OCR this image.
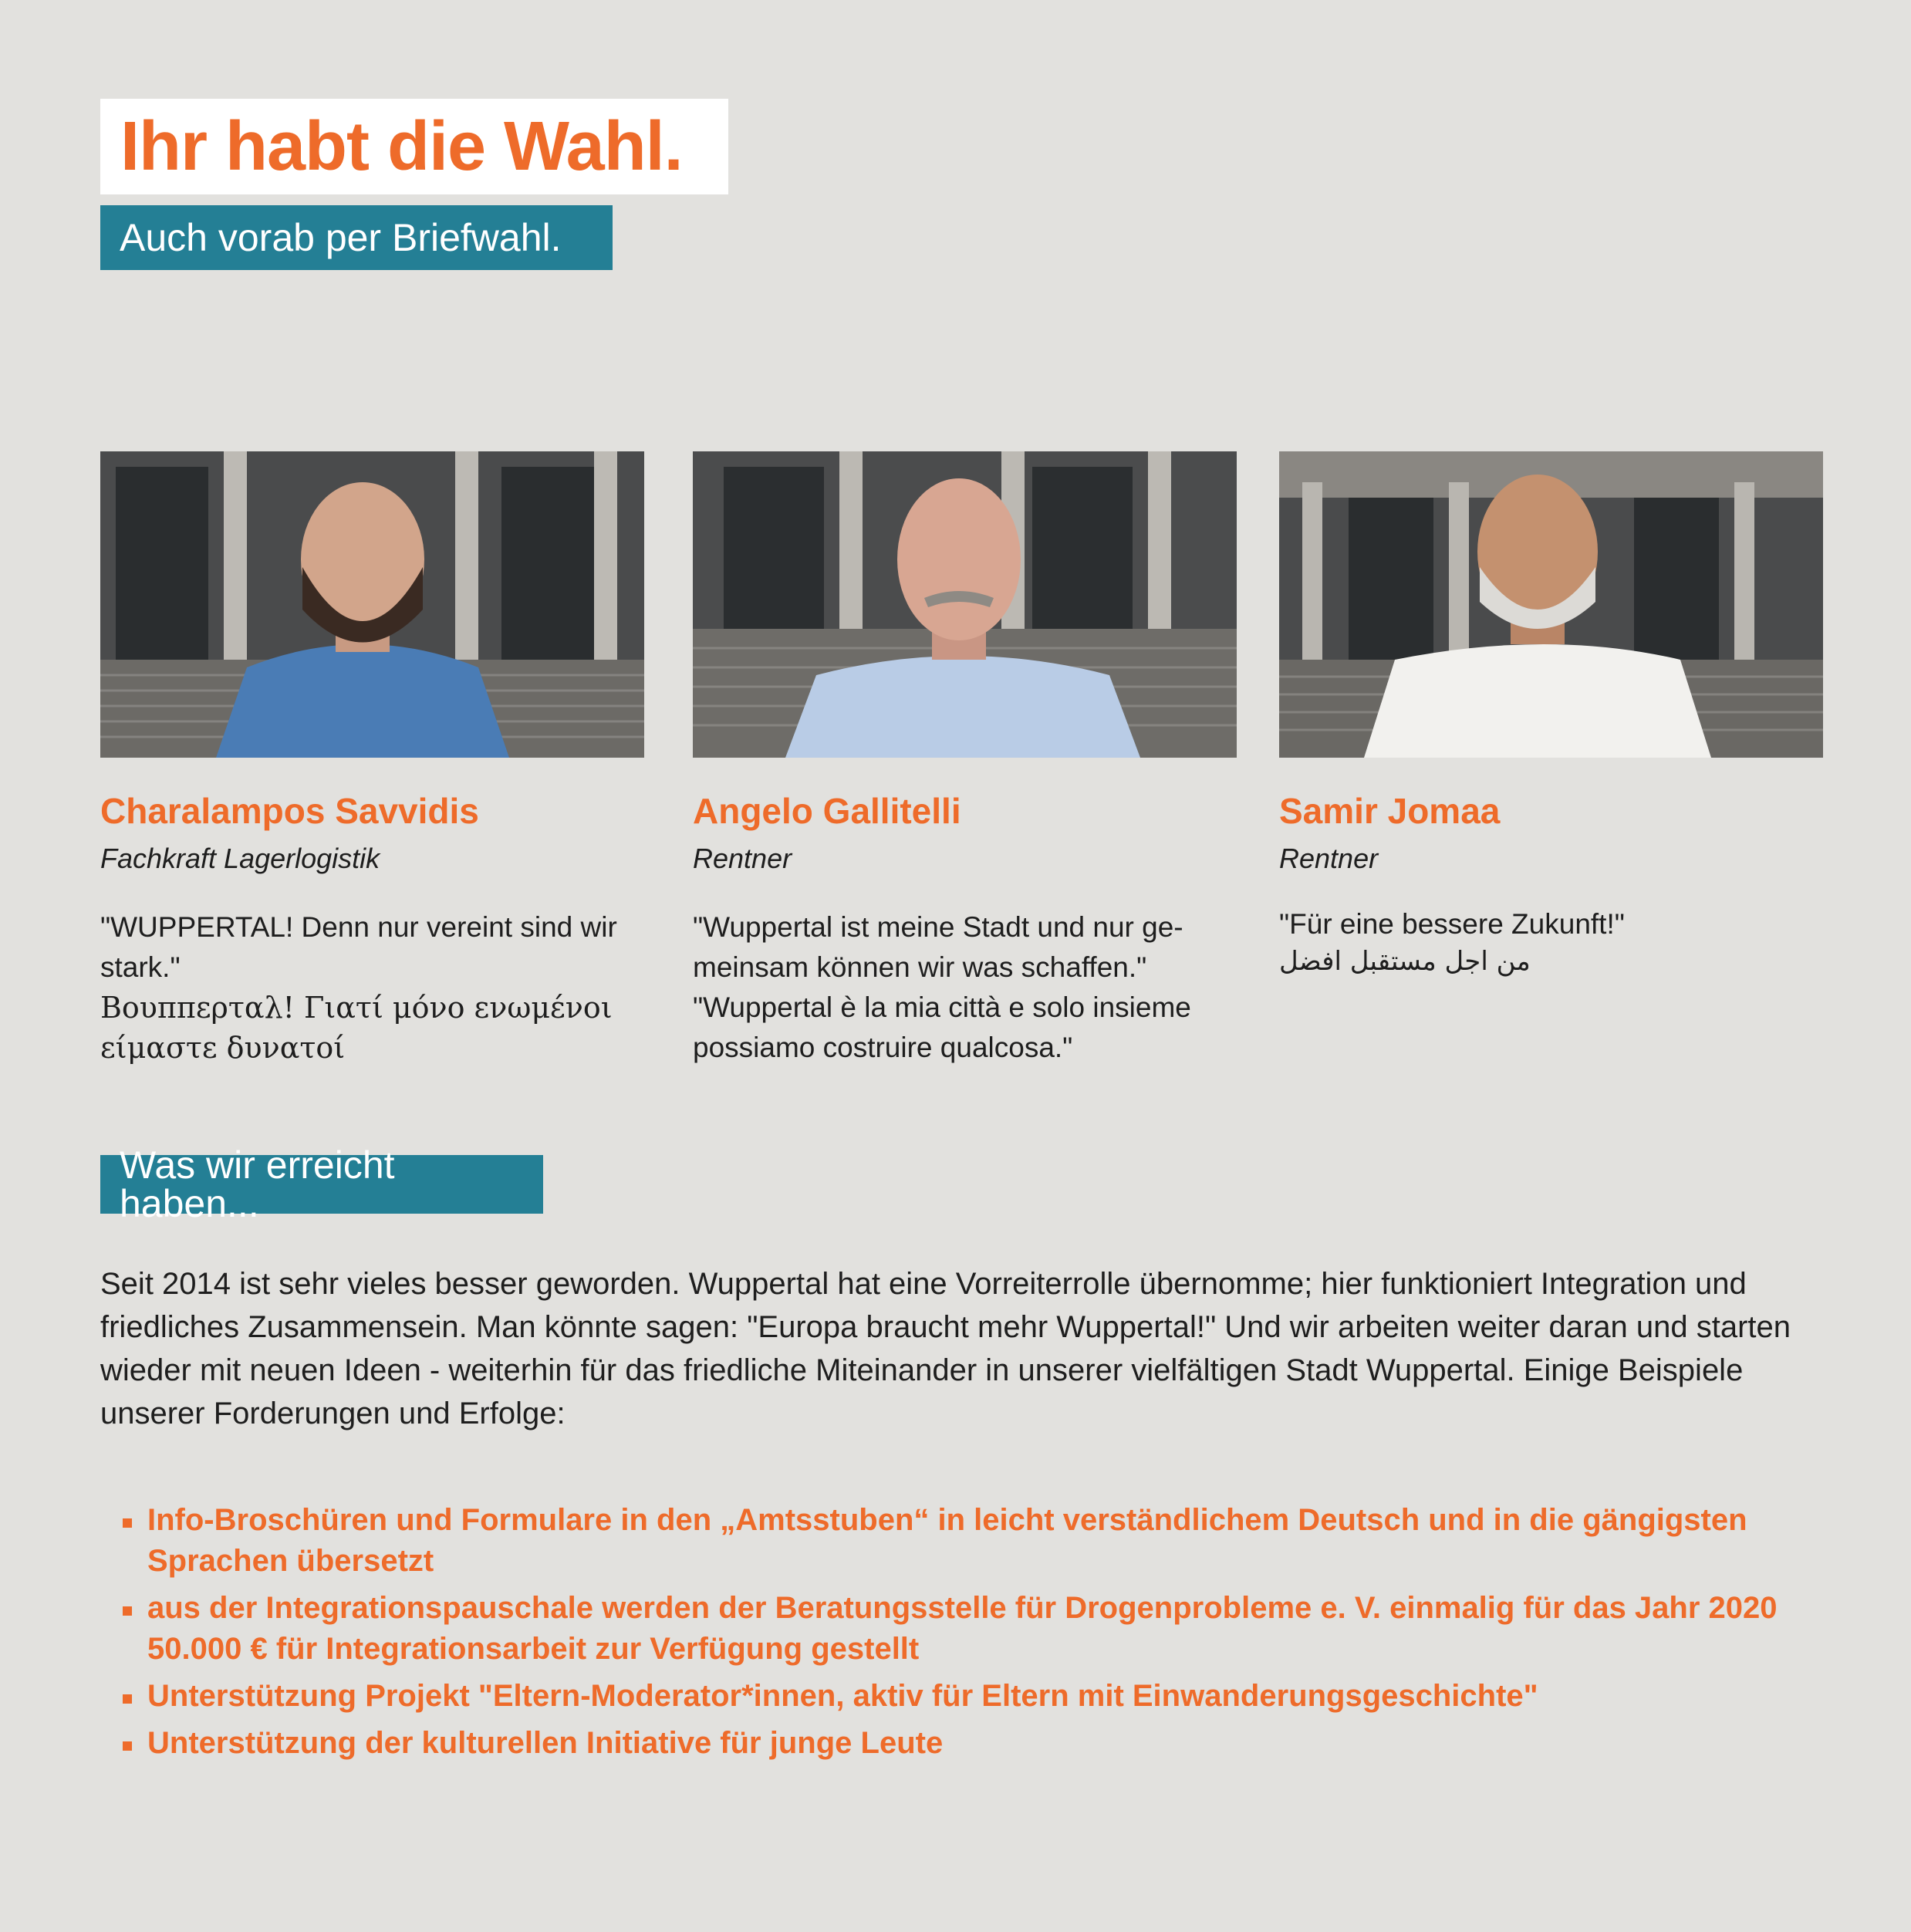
Ihr habt die Wahl.
Auch vorab per Briefwahl.
Charalampos Savvidis
Fachkraft Lagerlogistik
"WUPPERTAL! Denn nur vereint sind wir stark."
Βουππερταλ! Γιατί μόνο ενωμένοι είμαστε δυνατοί
Angelo Gallitelli
Rentner
"Wuppertal ist meine Stadt und nur ge-meinsam können wir was schaffen."
"Wuppertal è la mia città e solo insieme possiamo costruire qualcosa."
Samir Jomaa
Rentner
"Für eine bessere Zukunft!"
من اجل مستقبل افضل
Was wir erreicht haben...
Seit 2014 ist sehr vieles besser geworden. Wuppertal hat eine Vorreiterrolle übernomme; hier funktioniert Integration und friedliches Zusammensein. Man könnte sagen: "Europa braucht mehr Wuppertal!" Und wir arbeiten weiter daran und starten wieder mit neuen Ideen - weiterhin für das friedliche Miteinander in unserer vielfältigen Stadt Wuppertal. Einige Beispiele unserer Forderungen und Erfolge:
Info-Broschüren und Formulare in den „Amtsstuben“ in leicht verständlichem Deutsch und in die gängigsten Sprachen übersetzt
aus der Integrationspauschale werden der Beratungsstelle für Drogenprobleme e. V. einmalig für das Jahr 2020 50.000 € für Integrationsarbeit zur Verfügung gestellt
Unterstützung Projekt "Eltern-Moderator*innen, aktiv für Eltern mit Einwanderungsgeschichte"
Unterstützung der kulturellen Initiative für junge Leute
